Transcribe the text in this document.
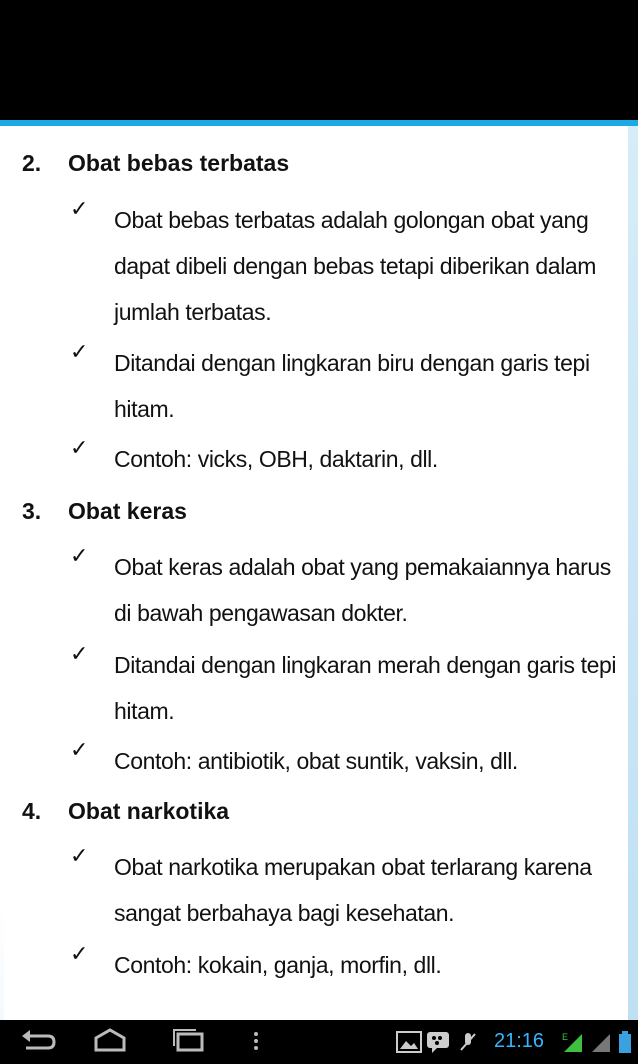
2. Obat bebas terbatas
✓ Obat bebas terbatas adalah golongan obat yang dapat dibeli dengan bebas tetapi diberikan dalam jumlah terbatas.
✓ Ditandai dengan lingkaran biru dengan garis tepi hitam.
✓ Contoh: vicks, OBH, daktarin, dll.
3. Obat keras
✓ Obat keras adalah obat yang pemakaiannya harus di bawah pengawasan dokter.
✓ Ditandai dengan lingkaran merah dengan garis tepi hitam.
✓ Contoh: antibiotik, obat suntik, vaksin, dll.
4. Obat narkotika
✓ Obat narkotika merupakan obat terlarang karena sangat berbahaya bagi kesehatan.
✓ Contoh: kokain, ganja, morfin, dll.
21:16 E
